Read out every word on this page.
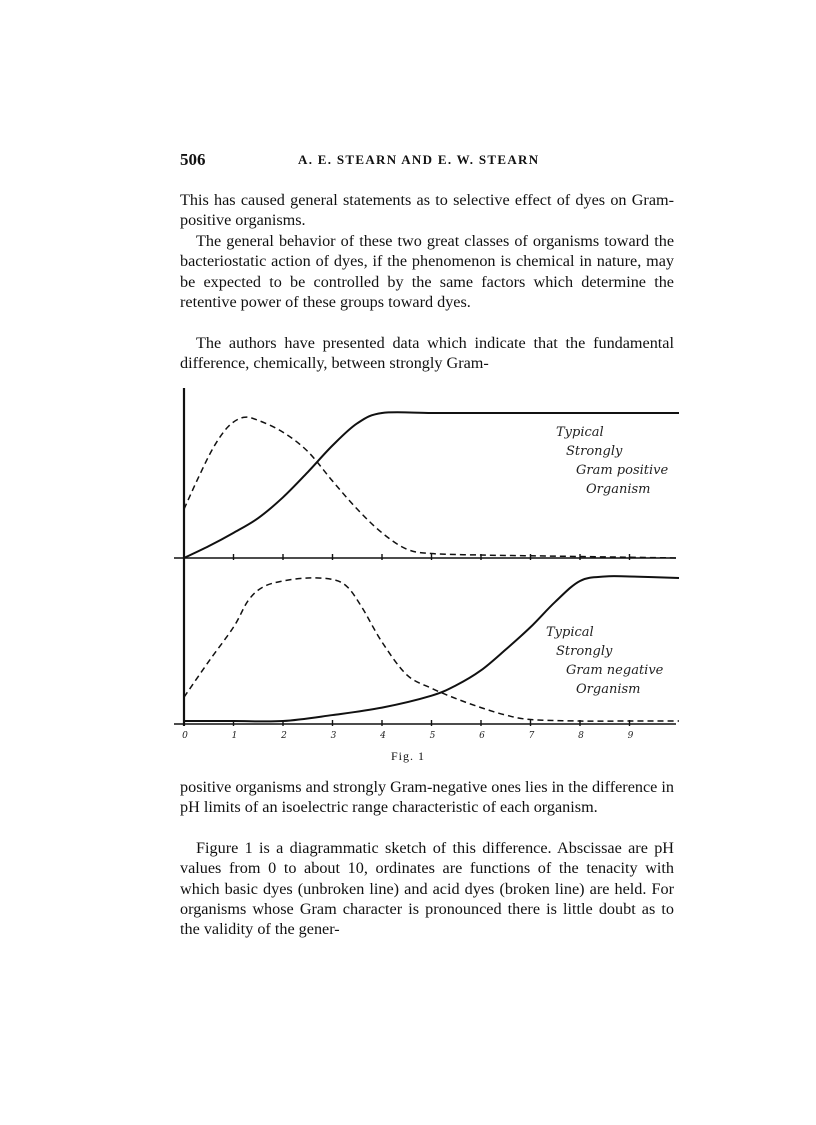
506	A. E. STEARN AND E. W. STEARN

This has caused general statements as to selective effect of dyes on Gram-positive organisms.

The general behavior of these two great classes of organisms toward the bacteriostatic action of dyes, if the phenomenon is chemical in nature, may be expected to be controlled by the same factors which determine the retentive power of these groups toward dyes.

The authors have presented data which indicate that the fundamental difference, chemically, between strongly Gram-

Typical
Strongly
Gram positive
Organism
0	1	2	3	4	5	6	7	8	9
Typical
Strongly
Gram negative
Organism
Fig. 1

positive organisms and strongly Gram-negative ones lies in the difference in pH limits of an isoelectric range characteristic of each organism.

Figure 1 is a diagrammatic sketch of this difference. Abscissae are pH values from 0 to about 10, ordinates are functions of the tenacity with which basic dyes (unbroken line) and acid dyes (broken line) are held. For organisms whose Gram character is pronounced there is little doubt as to the validity of the gener-
